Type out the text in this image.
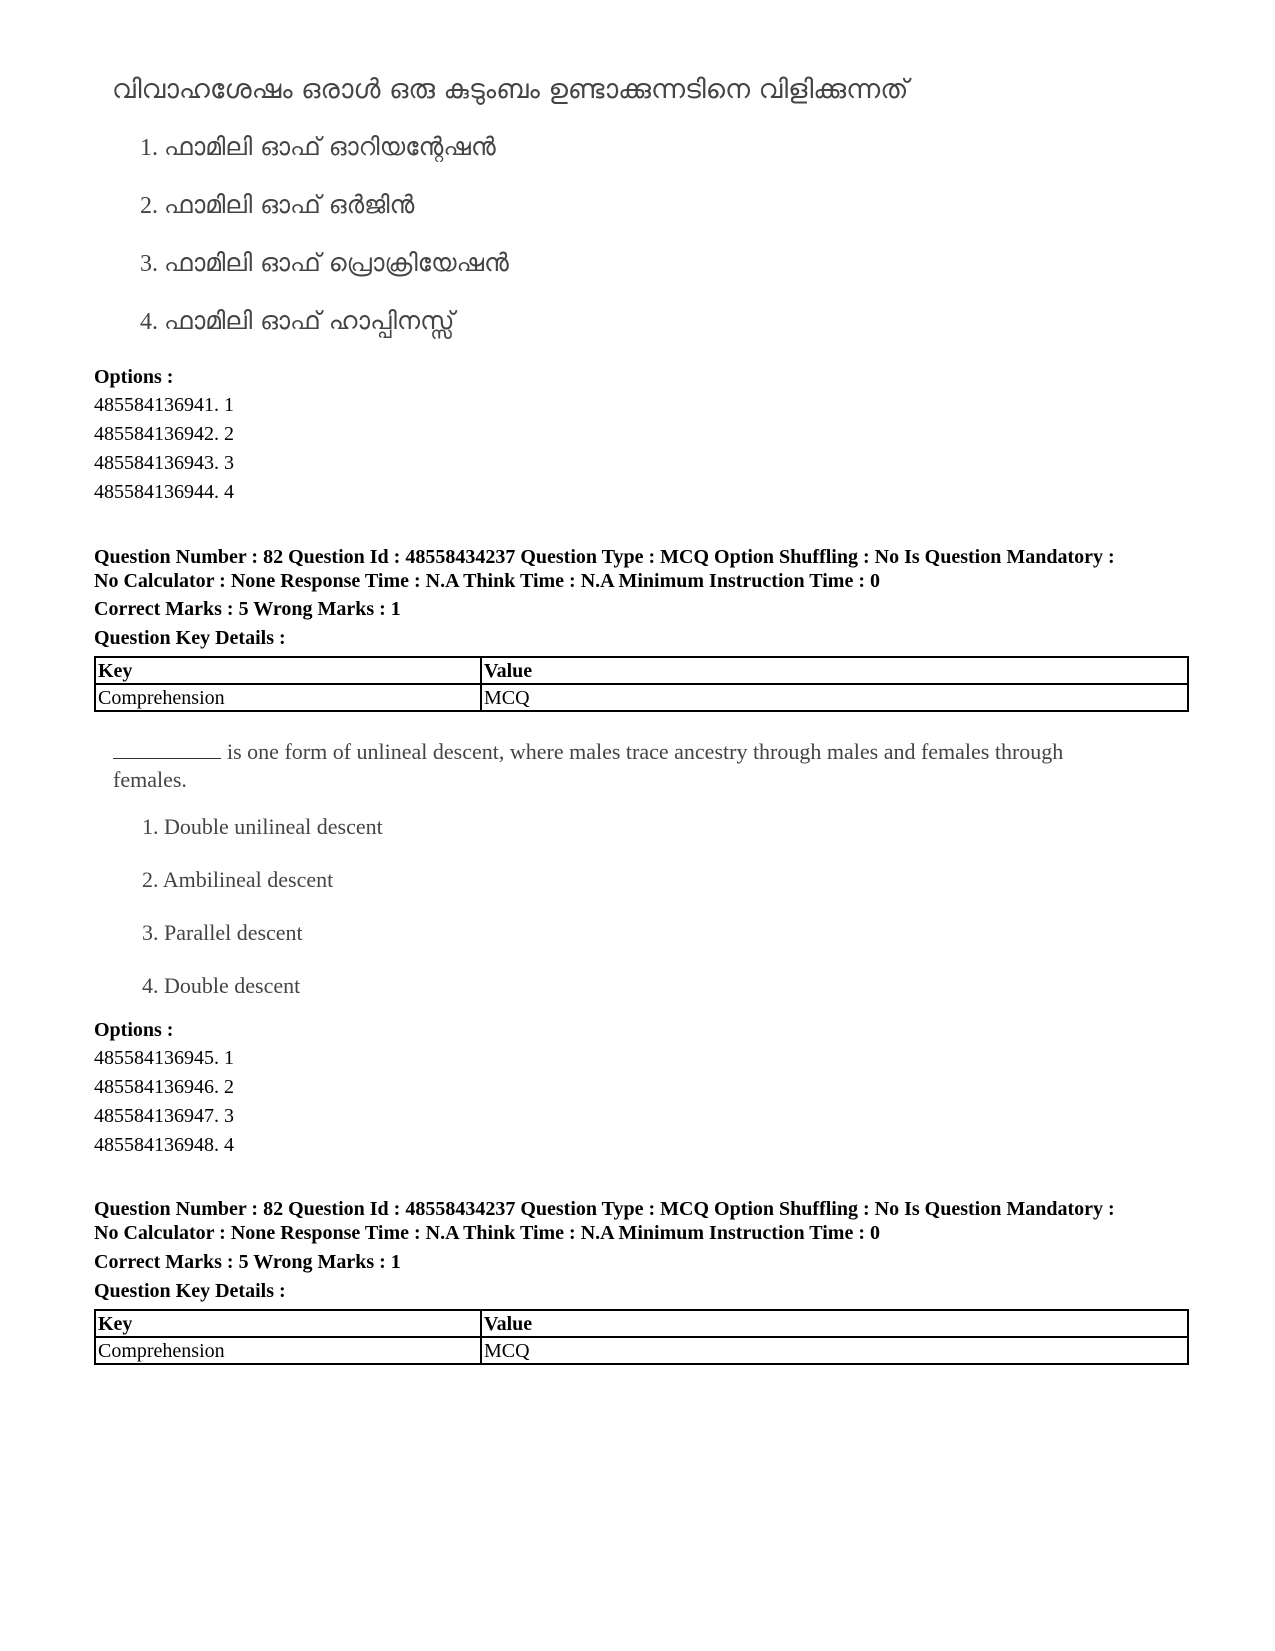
വിവാഹശേഷം ഒരാൾ ഒരു കുടുംബം ഉണ്ടാക്കുന്നടിനെ വിളിക്കുന്നത്
1. ഫാമിലി ഓഫ് ഓറിയന്റേഷൻ
2. ഫാമിലി ഓഫ് ഒർജിൻ
3. ഫാമിലി ഓഫ് പ്രൊക്രിയേഷൻ
4. ഫാമിലി ഓഫ് ഹാപ്പിനസ്സ്
Options :
485584136941. 1
485584136942. 2
485584136943. 3
485584136944. 4
Question Number : 82 Question Id : 48558434237 Question Type : MCQ Option Shuffling : No Is Question Mandatory :
No Calculator : None Response Time : N.A Think Time : N.A Minimum Instruction Time : 0
Correct Marks : 5 Wrong Marks : 1
Question Key Details :
Key	Value
Comprehension	MCQ
is one form of unlineal descent, where males trace ancestry through males and females through
females.
1. Double unilineal descent
2. Ambilineal descent
3. Parallel descent
4. Double descent
Options :
485584136945. 1
485584136946. 2
485584136947. 3
485584136948. 4
Question Number : 82 Question Id : 48558434237 Question Type : MCQ Option Shuffling : No Is Question Mandatory :
No Calculator : None Response Time : N.A Think Time : N.A Minimum Instruction Time : 0
Correct Marks : 5 Wrong Marks : 1
Question Key Details :
Key	Value
Comprehension	MCQ
